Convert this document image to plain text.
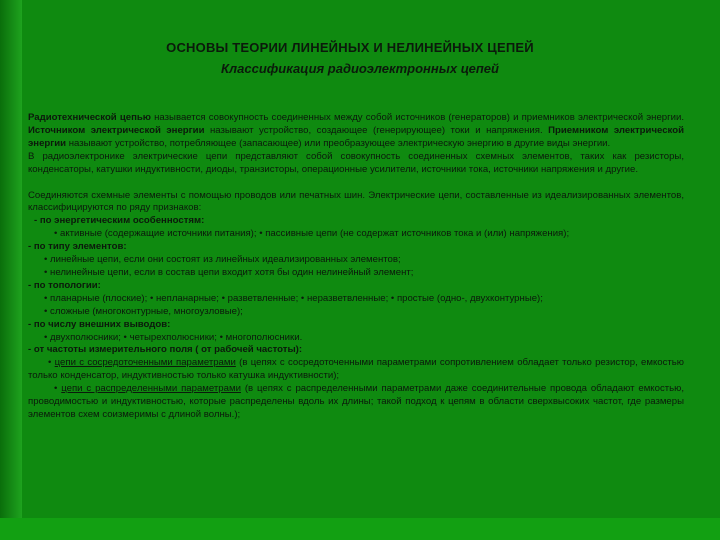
ОСНОВЫ ТЕОРИИ ЛИНЕЙНЫХ И НЕЛИНЕЙНЫХ ЦЕПЕЙ
Классификация радиоэлектронных цепей

Радиотехнической цепью называется совокупность соединенных между собой источников (генераторов) и приемников электрической энергии. Источником электрической энергии называют устройство, создающее (генерирующее) токи и напряжения. Приемником электрической энергии называют устройство, потребляющее (запасающее) или преобразующее электрическую энергию в другие виды энергии.

В радиоэлектронике электрические цепи представляют собой совокупность соединенных схемных элементов, таких как резисторы, конденсаторы, катушки индуктивности, диоды, транзисторы, операционные усилители, источники тока, источники напряжения и другие.

Соединяются схемные элементы с помощью проводов или печатных шин. Электрические цепи, составленные из идеализированных элементов, классифицируются по ряду признаков:

- по энергетическим особенностям:

• активные (содержащие источники питания); • пассивные цепи (не содержат источников тока и (или) напряжения);

- по типу элементов:

• линейные цепи, если они состоят из линейных идеализированных элементов;

• нелинейные цепи, если в состав цепи входит хотя бы один нелинейный элемент;

- по топологии:

• планарные (плоские); • непланарные; • разветвленные; • неразветвленные; • простые (одно-, двухконтурные);

• сложные (многоконтурные, многоузловые);

- по числу внешних выводов:

• двухполюсники; • четырехполюсники; • многополюсники.

- от частоты измерительного поля ( от рабочей частоты):

• цепи с сосредоточенными параметрами (в цепях с сосредоточенными параметрами сопротивлением обладает только резистор, емкостью только конденсатор, индуктивностью только катушка индуктивности);

• цепи с распределенными параметрами (в цепях с распределенными параметрами даже соединительные провода обладают емкостью, проводимостью и индуктивностью, которые распределены вдоль их длины; такой подход к цепям в области сверхвысоких частот, где размеры элементов схем соизмеримы с длиной волны.);
